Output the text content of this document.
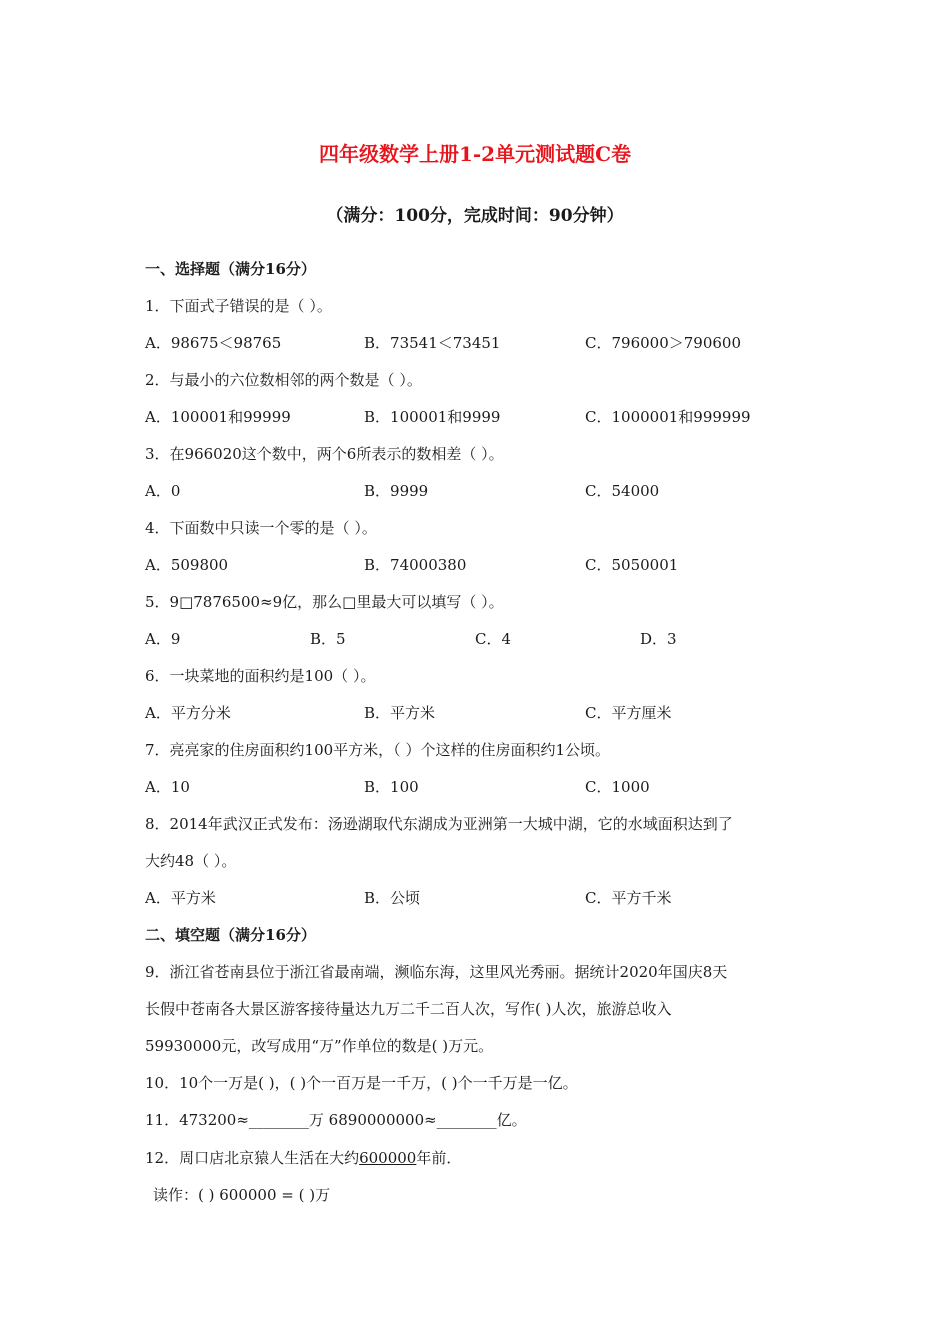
四年级数学上册1-2单元测试题C卷
（满分：100分，完成时间：90分钟）
一、选择题（满分16分）
1．下面式子错误的是（ ）。
A．98675＜98765	B．73541＜73451	C．796000＞790600
2．与最小的六位数相邻的两个数是（ ）。
A．100001和99999	B．100001和9999	C．1000001和999999
3．在966020这个数中，两个6所表示的数相差（ ）。
A．0	B．9999	C．54000
4．下面数中只读一个零的是（ ）。
A．509800	B．74000380	C．5050001
5．9□7876500≈9亿，那么□里最大可以填写（ ）。
A．9	B．5	C．4	D．3
6．一块菜地的面积约是100（ ）。
A．平方分米	B．平方米	C．平方厘米
7．亮亮家的住房面积约100平方米，（ ）个这样的住房面积约1公顷。
A．10	B．100	C．1000
8．2014年武汉正式发布：汤逊湖取代东湖成为亚洲第一大城中湖，它的水域面积达到了
大约48（ ）。
A．平方米	B．公顷	C．平方千米
二、填空题（满分16分）
9．浙江省苍南县位于浙江省最南端，濒临东海，这里风光秀丽。据统计2020年国庆8天
长假中苍南各大景区游客接待量达九万二千二百人次，写作( )人次，旅游总收入
59930000元，改写成用“万”作单位的数是( )万元。
10．10个一万是( )，( )个一百万是一千万，( )个一千万是一亿。
11．473200≈________万 6890000000≈________亿。
12．周口店北京猿人生活在大约600000年前．
读作：( ) 600000 = ( )万
